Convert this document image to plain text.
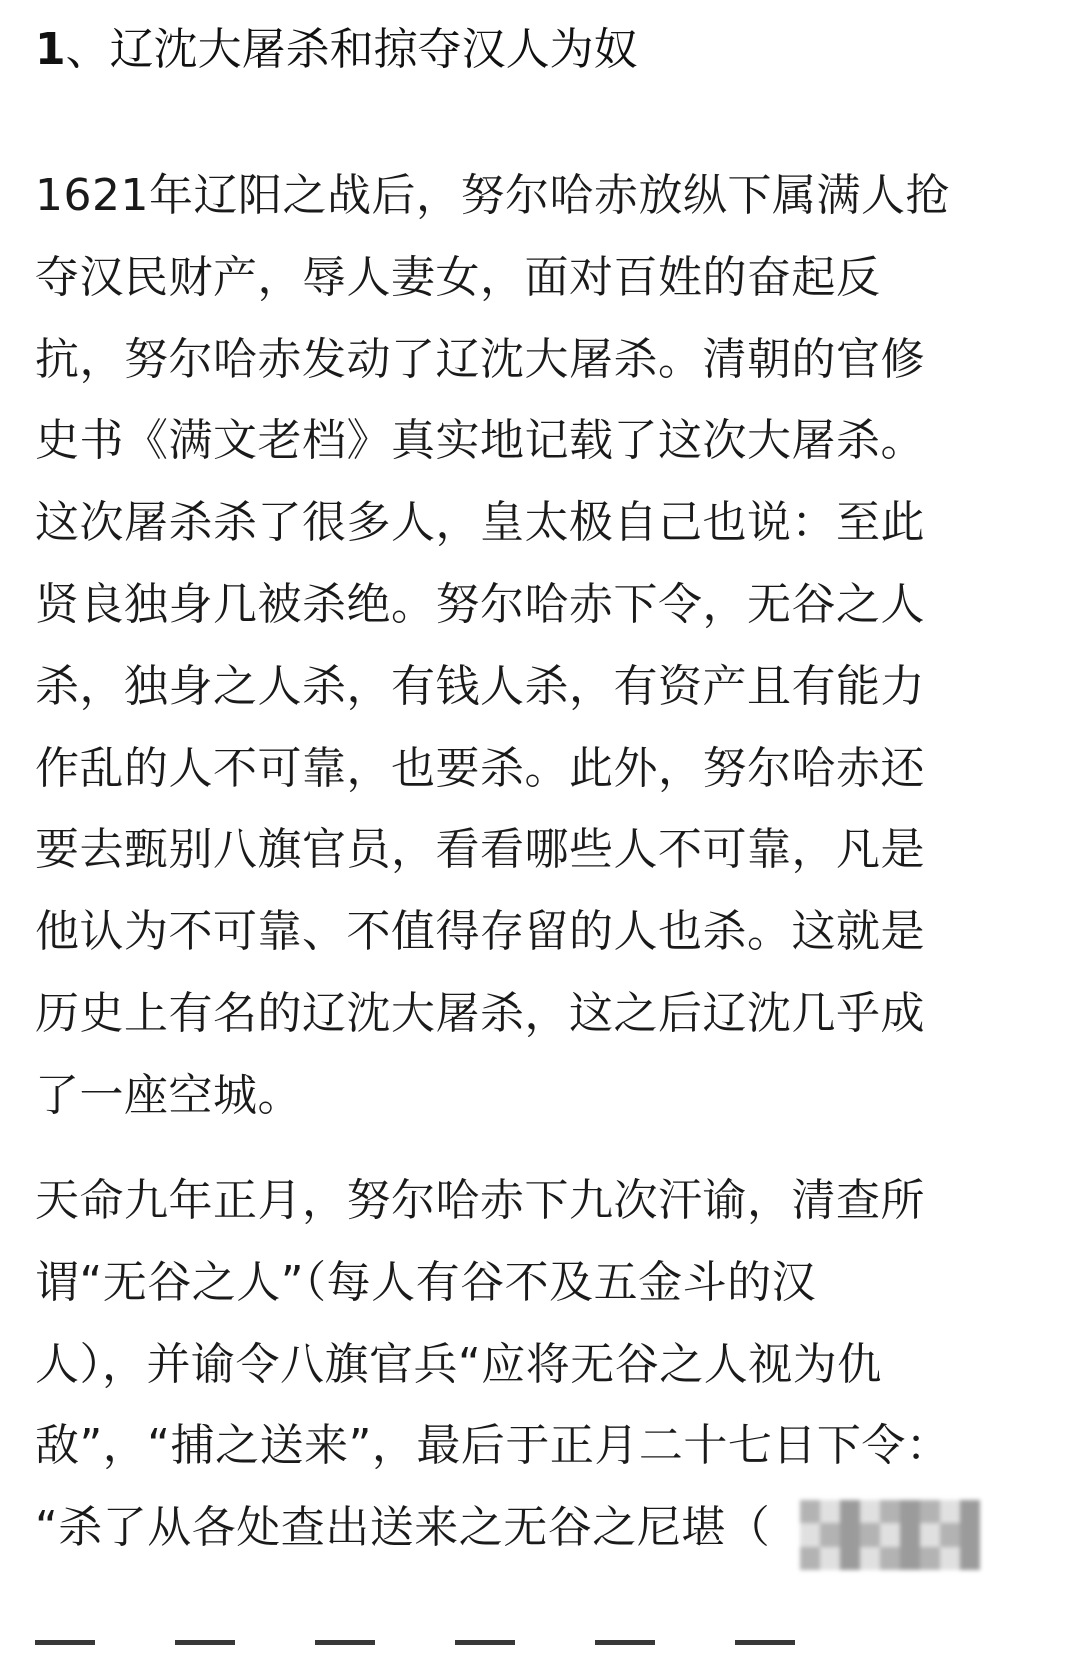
1、辽沈大屠杀和掠夺汉人为奴
1621年辽阳之战后，努尔哈赤放纵下属满人抢
夺汉民财产，辱人妻女，面对百姓的奋起反
抗，努尔哈赤发动了辽沈大屠杀。清朝的官修
史书《满文老档》真实地记载了这次大屠杀。
这次屠杀杀了很多人，皇太极自己也说：至此
贤良独身几被杀绝。努尔哈赤下令，无谷之人
杀，独身之人杀，有钱人杀，有资产且有能力
作乱的人不可靠，也要杀。此外，努尔哈赤还
要去甄别八旗官员，看看哪些人不可靠，凡是
他认为不可靠、不值得存留的人也杀。这就是
历史上有名的辽沈大屠杀，这之后辽沈几乎成
了一座空城。
天命九年正月，努尔哈赤下九次汗谕，清查所
谓“无谷之人”（每人有谷不及五金斗的汉
人），并谕令八旗官兵“应将无谷之人视为仇
敌”，“捕之送来”，最后于正月二十七日下令：
“杀了从各处查出送来之无谷之尼堪（
